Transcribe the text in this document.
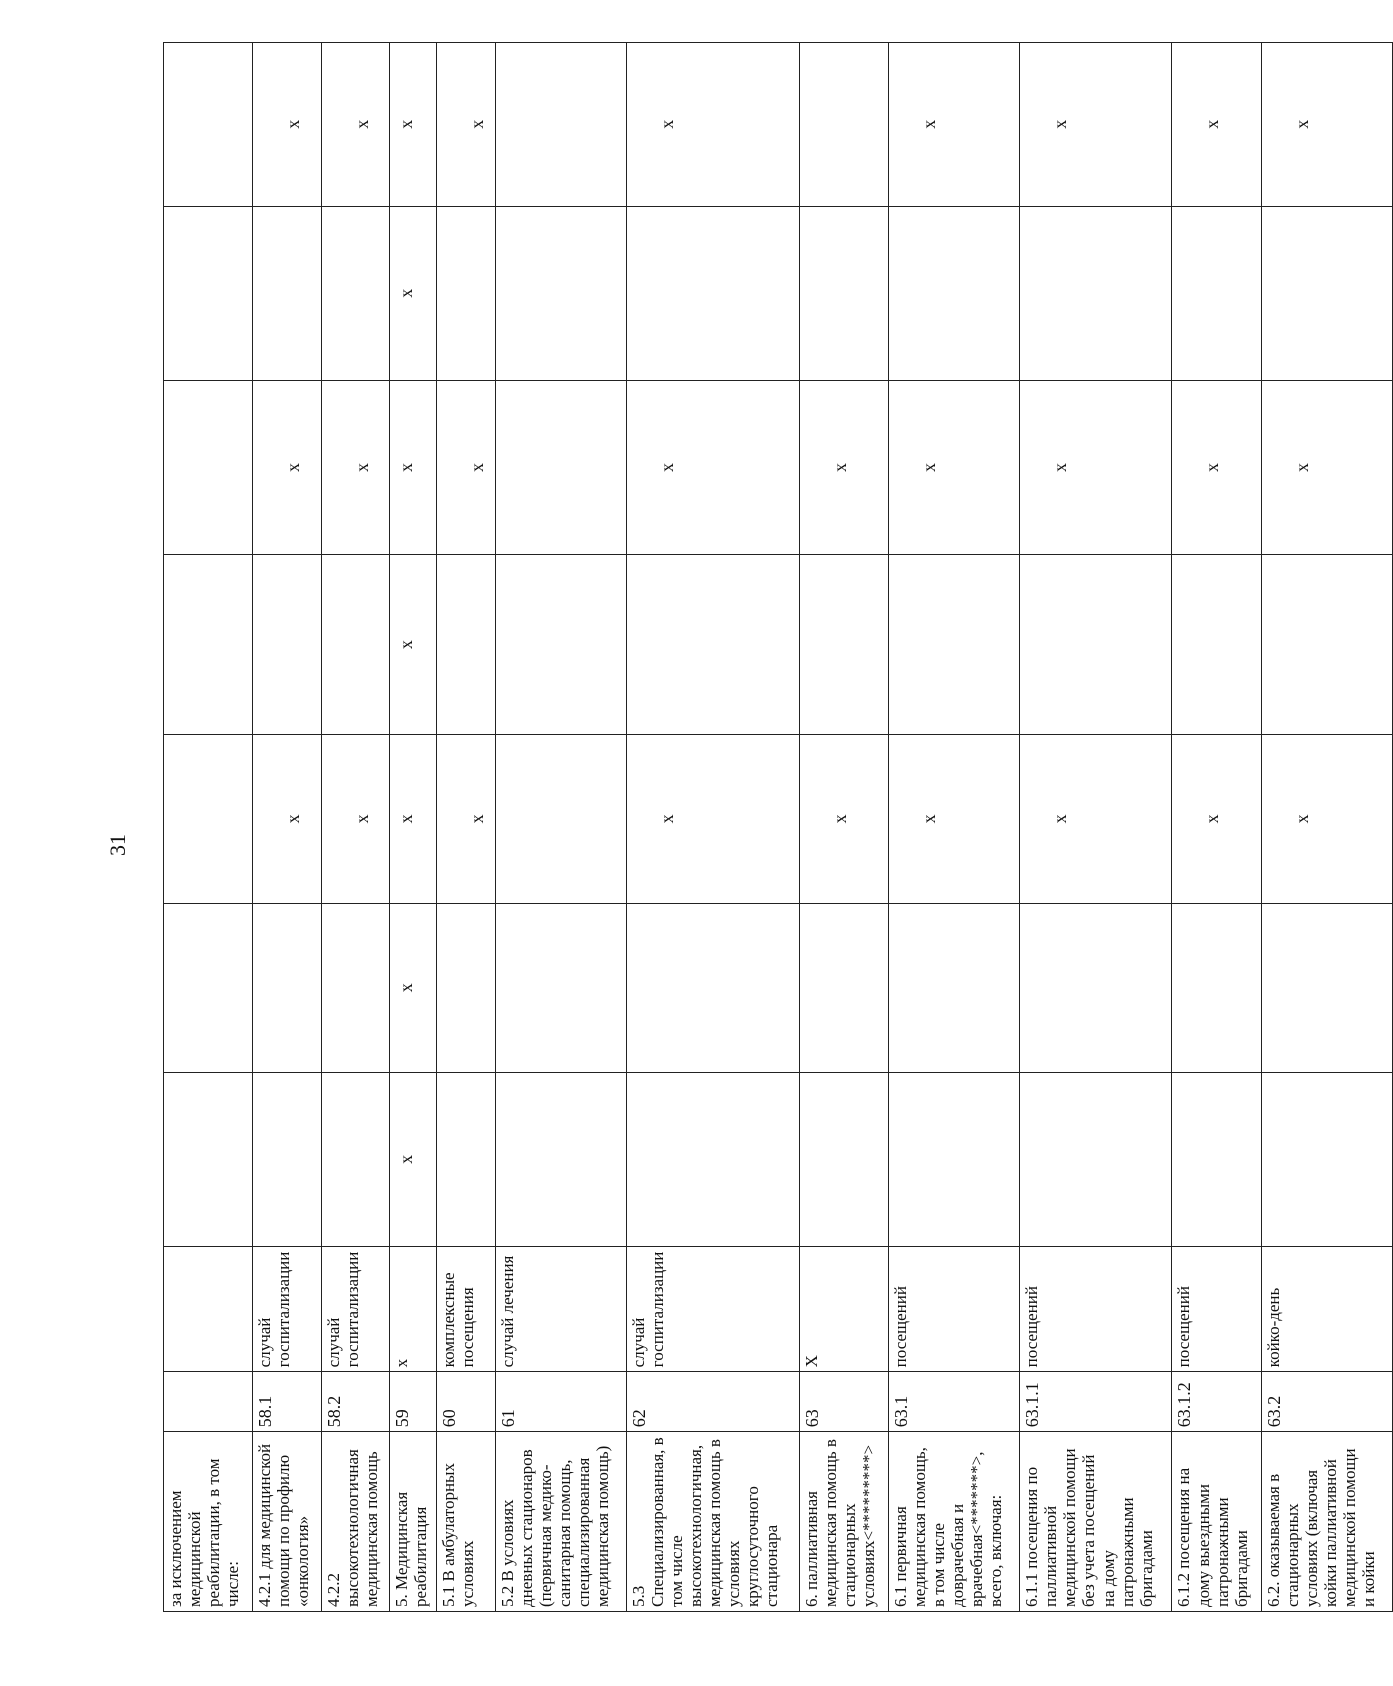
31
за исключением медицинской реабилитации, в том числе:									
4.2.1 для медицинской помощи по профилю «онкология»	58.1	случай госпитализации			x		x		x
4.2.2 высокотехнологичная медицинская помощь	58.2	случай госпитализации			x		x		x
5. Медицинская реабилитация	59	x	x	x	x	x	x	x	x
5.1 В амбулаторных условиях	60	комплексные посещения			x		x		x
5.2 В условиях дневных стационаров (первичная медико-санитарная помощь, специализированная медицинская помощь)	61	случай лечения							
5.3 Специализированная, в том числе высокотехнологичная, медицинская помощь в условиях круглосуточного стационара	62	случай госпитализации			x		x		x
6. паллиативная медицинская помощь в стационарных условиях<*********>	63	X			x		x		
6.1 первичная медицинская помощь, в том числе доврачебная и врачебная<*******>, всего, включая:	63.1	посещений			x		x		x
6.1.1 посещения по паллиативной медицинской помощи без учета посещений на дому патронажными бригадами	63.1.1	посещений			x		x		x
6.1.2 посещения на дому выездными патронажными бригадами	63.1.2	посещений			x		x		x
6.2. оказываемая в стационарных условиях (включая койки паллиативной медицинской помощи и койки	63.2	койко-день			x		x		x
